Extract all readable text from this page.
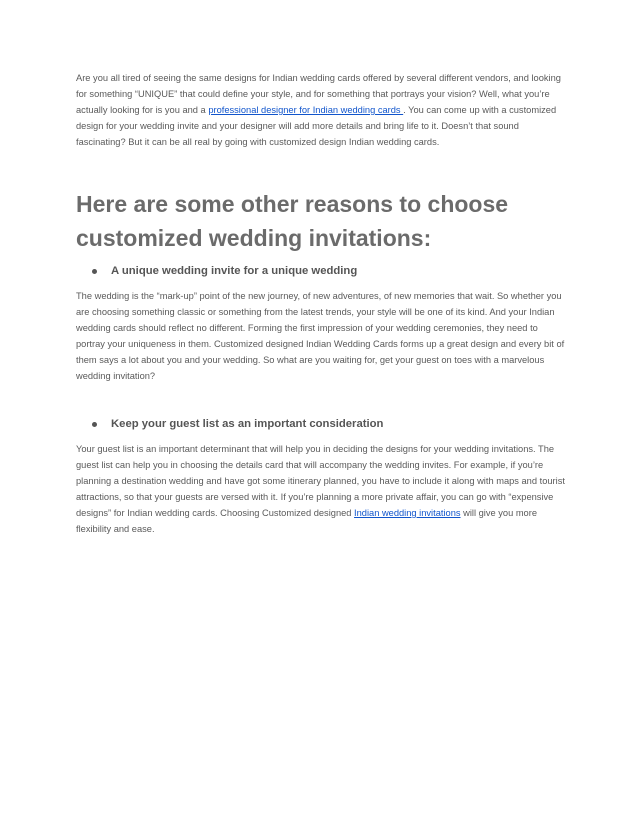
Are you all tired of seeing the same designs for Indian wedding cards offered by several different vendors, and looking for something “UNIQUE” that could define your style, and for something that portrays your vision? Well, what you’re actually looking for is you and a professional designer for Indian wedding cards . You can come up with a customized design for your wedding invite and your designer will add more details and bring life to it. Doesn’t that sound fascinating? But it can be all real by going with customized design Indian wedding cards.

Here are some other reasons to choose customized wedding invitations:
A unique wedding invite for a unique wedding

The wedding is the “mark-up” point of the new journey, of new adventures, of new memories that wait. So whether you are choosing something classic or something from the latest trends, your style will be one of its kind. And your Indian wedding cards should reflect no different. Forming the first impression of your wedding ceremonies, they need to portray your uniqueness in them. Customized designed Indian Wedding Cards forms up a great design and every bit of them says a lot about you and your wedding. So what are you waiting for, get your guest on toes with a marvelous wedding invitation?

Keep your guest list as an important consideration

Your guest list is an important determinant that will help you in deciding the designs for your wedding invitations. The guest list can help you in choosing the details card that will accompany the wedding invites. For example, if you’re planning a destination wedding and have got some itinerary planned, you have to include it along with maps and tourist attractions, so that your guests are versed with it. If you’re planning a more private affair, you can go with “expensive designs” for Indian wedding cards. Choosing Customized designed Indian wedding invitations will give you more flexibility and ease.
